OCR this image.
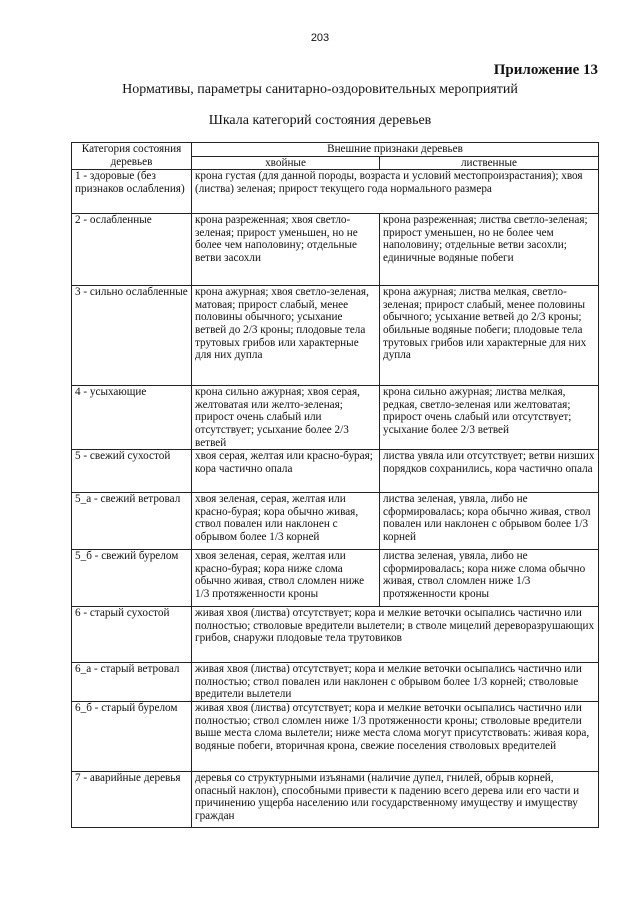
203
Приложение 13
Нормативы, параметры санитарно-оздоровительных мероприятий
Шкала категорий состояния деревьев
Категория состояния деревьев	Внешние признаки деревьев	
	хвойные	лиственные
1 - здоровые (без признаков ослабления)	крона густая (для данной породы, возраста и условий местопроизрастания); хвоя (листва) зеленая; прирост текущего года нормального размера	
2 - ослабленные	крона разреженная; хвоя светло-зеленая; прирост уменьшен, но не более чем наполовину; отдельные ветви засохли	крона разреженная; листва светло-зеленая; прирост уменьшен, но не более чем наполовину; отдельные ветви засохли; единичные водяные побеги
3 - сильно ослабленные	крона ажурная; хвоя светло-зеленая, матовая; прирост слабый, менее половины обычного; усыхание ветвей до 2/3 кроны; плодовые тела трутовых грибов или характерные для них дупла	крона ажурная; листва мелкая, светло-зеленая; прирост слабый, менее половины обычного; усыхание ветвей до 2/3 кроны; обильные водяные побеги; плодовые тела трутовых грибов или характерные для них дупла
4 - усыхающие	крона сильно ажурная; хвоя серая, желтоватая или желто-зеленая; прирост очень слабый или отсутствует; усыхание более 2/3 ветвей	крона сильно ажурная; листва мелкая, редкая, светло-зеленая или желтоватая; прирост очень слабый или отсутствует; усыхание более 2/3 ветвей
5 - свежий сухостой	хвоя серая, желтая или красно-бурая; кора частично опала	листва увяла или отсутствует; ветви низших порядков сохранились, кора частично опала
5_а - свежий ветровал	хвоя зеленая, серая, желтая или красно-бурая; кора обычно живая, ствол повален или наклонен с обрывом более 1/3 корней	листва зеленая, увяла, либо не сформировалась; кора обычно живая, ствол повален или наклонен с обрывом более 1/3 корней
5_б - свежий бурелом	хвоя зеленая, серая, желтая или красно-бурая; кора ниже слома обычно живая, ствол сломлен ниже 1/3 протяженности кроны	листва зеленая, увяла, либо не сформировалась; кора ниже слома обычно живая, ствол сломлен ниже 1/3 протяженности кроны
6 - старый сухостой	живая хвоя (листва) отсутствует; кора и мелкие веточки осыпались частично или полностью; стволовые вредители вылетели; в стволе мицелий дереворазрушающих грибов, снаружи плодовые тела трутовиков	
6_а - старый ветровал	живая хвоя (листва) отсутствует; кора и мелкие веточки осыпались частично или полностью; ствол повален или наклонен с обрывом более 1/3 корней; стволовые вредители вылетели	
6_б - старый бурелом	живая хвоя (листва) отсутствует; кора и мелкие веточки осыпались частично или полностью; ствол сломлен ниже 1/3 протяженности кроны; стволовые вредители выше места слома вылетели; ниже места слома могут присутствовать: живая кора, водяные побеги, вторичная крона, свежие поселения стволовых вредителей	
7 - аварийные деревья	деревья со структурными изъянами (наличие дупел, гнилей, обрыв корней, опасный наклон), способными привести к падению всего дерева или его части и причинению ущерба населению или государственному имуществу и имуществу граждан	
